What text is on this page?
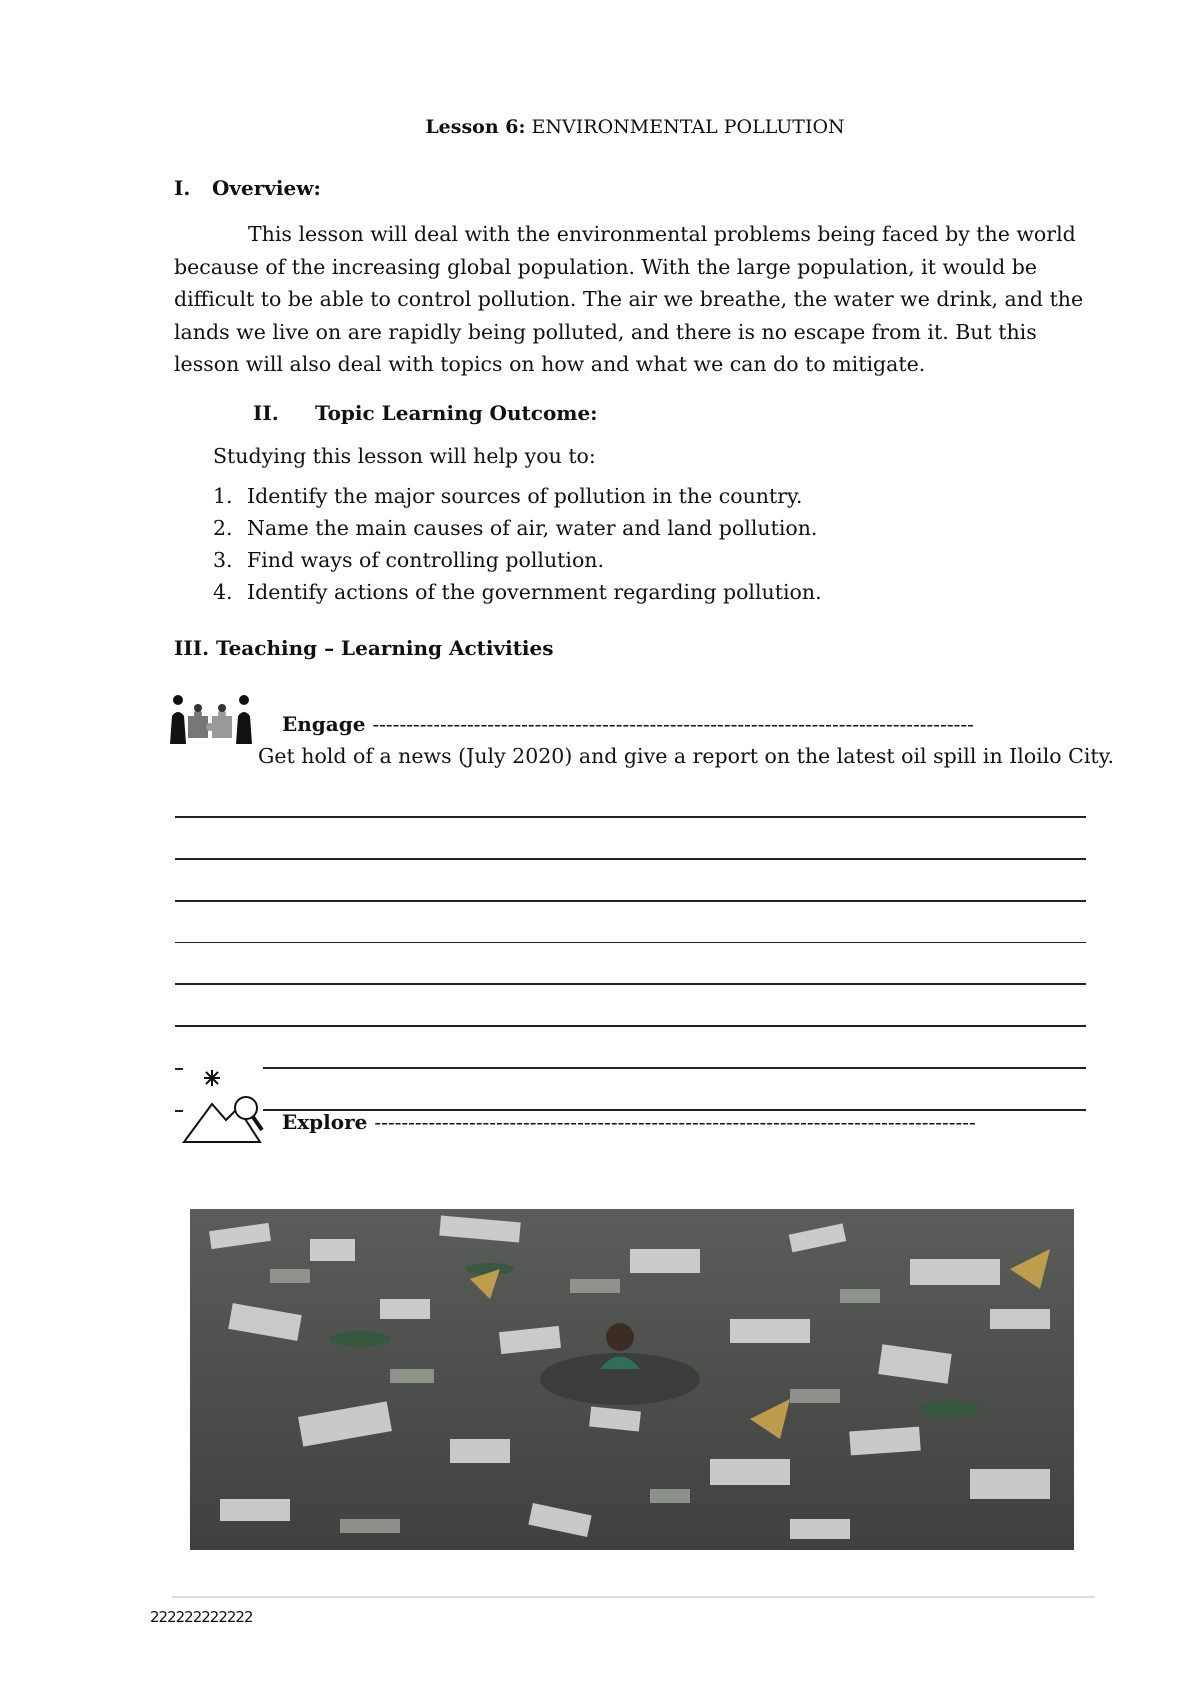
Lesson 6: ENVIRONMENTAL POLLUTION
I. Overview:
This lesson will deal with the environmental problems being faced by the world because of the increasing global population. With the large population, it would be difficult to be able to control pollution. The air we breathe, the water we drink, and the lands we live on are rapidly being polluted, and there is no escape from it. But this lesson will also deal with topics on how and what we can do to mitigate.
II. Topic Learning Outcome:
Studying this lesson will help you to:
1. Identify the major sources of pollution in the country.
2. Name the main causes of air, water and land pollution.
3. Find ways of controlling pollution.
4. Identify actions of the government regarding pollution.
III. Teaching – Learning Activities
Engage -----------------------------------------------------------------------------------------
Get hold of a news (July 2020) and give a report on the latest oil spill in Iloilo City.
Explore -----------------------------------------------------------------------------------------
222222222222
